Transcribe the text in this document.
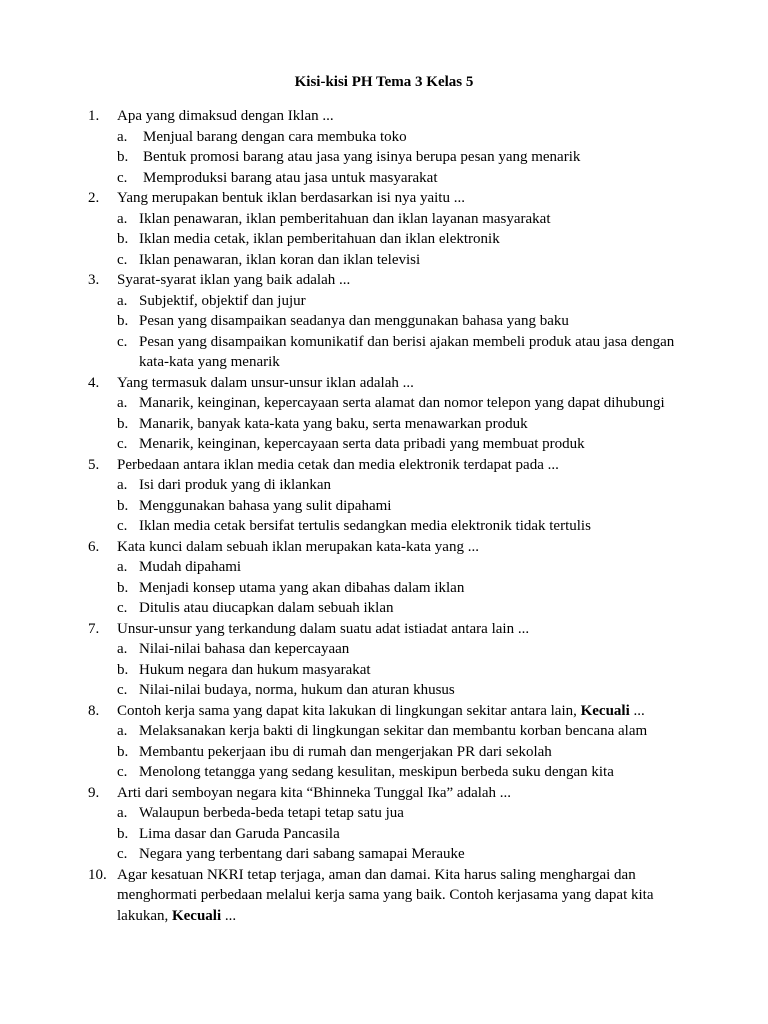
Kisi-kisi PH Tema 3 Kelas 5
1.	Apa yang dimaksud dengan Iklan ...
a. Menjual barang dengan cara membuka toko
b. Bentuk promosi barang atau jasa yang isinya berupa pesan yang menarik
c. Memproduksi barang atau jasa untuk masyarakat
2.	Yang merupakan bentuk iklan berdasarkan isi nya yaitu ...
a. Iklan penawaran, iklan pemberitahuan dan iklan layanan masyarakat
b. Iklan media cetak, iklan pemberitahuan dan iklan elektronik
c. Iklan penawaran, iklan koran dan iklan televisi
3.	Syarat-syarat iklan yang baik adalah ...
a. Subjektif, objektif dan jujur
b. Pesan yang disampaikan seadanya dan menggunakan bahasa yang baku
c. Pesan yang disampaikan komunikatif dan berisi ajakan membeli produk atau jasa dengan kata-kata yang menarik
4.	Yang termasuk dalam unsur-unsur iklan adalah ...
a. Manarik, keinginan, kepercayaan serta alamat dan nomor telepon yang dapat dihubungi
b. Manarik, banyak kata-kata yang baku, serta menawarkan produk
c. Menarik, keinginan, kepercayaan serta data pribadi yang membuat produk
5.	Perbedaan antara iklan media cetak dan media elektronik terdapat pada ...
a. Isi dari produk yang di iklankan
b. Menggunakan bahasa yang sulit dipahami
c. Iklan media cetak bersifat tertulis sedangkan media elektronik tidak tertulis
6.	Kata kunci dalam sebuah iklan merupakan kata-kata yang ...
a. Mudah dipahami
b. Menjadi konsep utama yang akan dibahas dalam iklan
c. Ditulis atau diucapkan dalam sebuah iklan
7.	Unsur-unsur yang terkandung dalam suatu adat istiadat antara lain ...
a. Nilai-nilai bahasa dan kepercayaan
b. Hukum negara dan hukum masyarakat
c. Nilai-nilai budaya, norma, hukum dan aturan khusus
8.	Contoh kerja sama yang dapat kita lakukan di lingkungan sekitar antara lain, Kecuali ...
a. Melaksanakan kerja bakti di lingkungan sekitar dan membantu korban bencana alam
b. Membantu pekerjaan ibu di rumah dan mengerjakan PR dari sekolah
c. Menolong tetangga yang sedang kesulitan, meskipun berbeda suku dengan kita
9.	Arti dari semboyan negara kita “Bhinneka Tunggal Ika” adalah ...
a. Walaupun berbeda-beda tetapi tetap satu jua
b. Lima dasar dan Garuda Pancasila
c. Negara yang terbentang dari sabang samapai Merauke
10. Agar kesatuan NKRI tetap terjaga, aman dan damai. Kita harus saling menghargai dan menghormati perbedaan melalui kerja sama yang baik. Contoh kerjasama yang dapat kita lakukan, Kecuali ...
